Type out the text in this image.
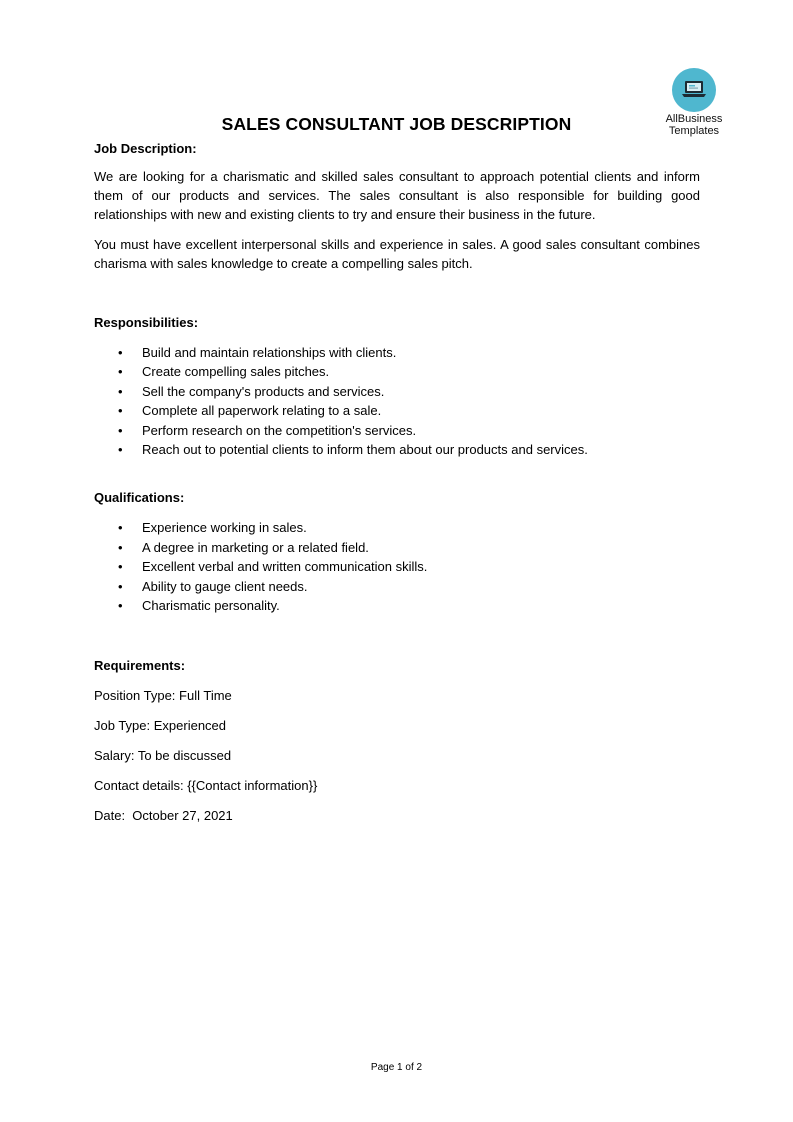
AllBusiness
Templates
SALES CONSULTANT JOB DESCRIPTION
Job Description:

We are looking for a charismatic and skilled sales consultant to approach potential clients and inform them of our products and services. The sales consultant is also responsible for building good relationships with new and existing clients to try and ensure their business in the future.

You must have excellent interpersonal skills and experience in sales. A good sales consultant combines charisma with sales knowledge to create a compelling sales pitch.

Responsibilities:
• Build and maintain relationships with clients.
• Create compelling sales pitches.
• Sell the company's products and services.
• Complete all paperwork relating to a sale.
• Perform research on the competition's services.
• Reach out to potential clients to inform them about our products and services.
Qualifications:
• Experience working in sales.
• A degree in marketing or a related field.
• Excellent verbal and written communication skills.
• Ability to gauge client needs.
• Charismatic personality.
Requirements:

Position Type: Full Time

Job Type: Experienced

Salary: To be discussed

Contact details: {{Contact information}}

Date:  October 27, 2021

Page 1 of 2
